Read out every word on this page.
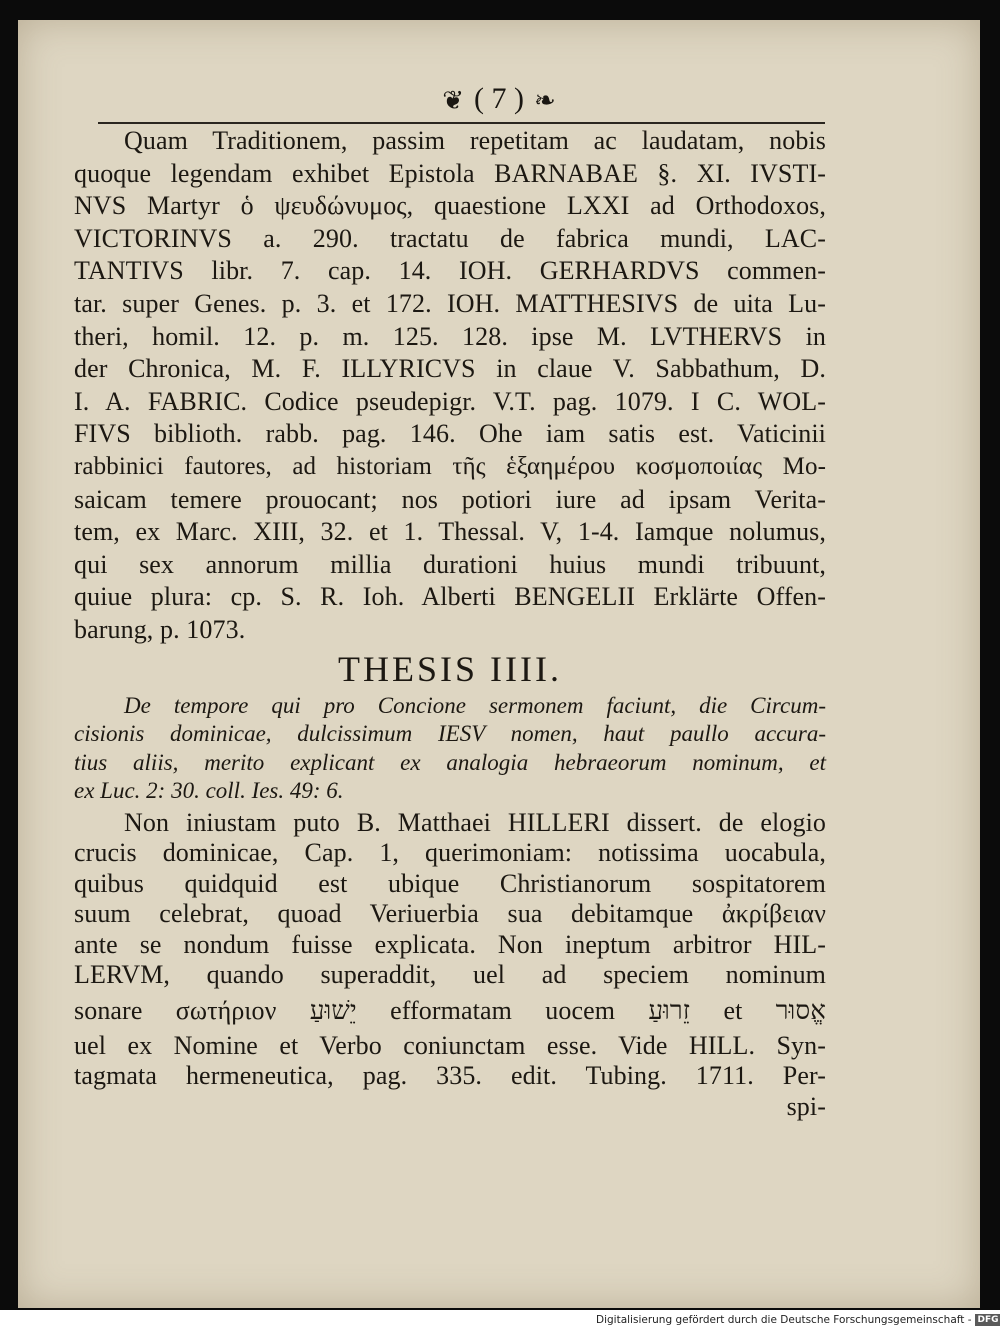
❦ ( 7 ) ❧
Quam Traditionem, passim repetitam ac laudatam, nobis
quoque legendam exhibet Epistola BARNABAE §. XI. IVSTI-
NVS Martyr ὁ ψευδώνυμος, quaestione LXXI ad Orthodoxos,
VICTORINVS a. 290. tractatu de fabrica mundi, LAC-
TANTIVS libr. 7. cap. 14. IOH. GERHARDVS commen-
tar. super Genes. p. 3. et 172. IOH. MATTHESIVS de uita Lu-
theri, homil. 12. p. m. 125. 128. ipse M. LVTHERVS in
der Chronica, M. F. ILLYRICVS in claue V. Sabbathum, D.
I. A. FABRIC. Codice pseudepigr. V.T. pag. 1079. I C. WOL-
FIVS biblioth. rabb. pag. 146. Ohe iam satis est. Vaticinii
rabbinici fautores, ad historiam τῆς ἑξαημέρου κοσμοποιίας Mo-
saicam temere prouocant; nos potiori iure ad ipsam Verita-
tem, ex Marc. XIII, 32. et 1. Thessal. V, 1-4. Iamque nolumus,
qui sex annorum millia durationi huius mundi tribuunt,
quiue plura: cp. S. R. Ioh. Alberti BENGELII Erklärte Offen-
barung, p. 1073.
THESIS IIII.
De tempore qui pro Concione sermonem faciunt, die Circum-
cisionis dominicae, dulcissimum IESV nomen, haut paullo accura-
tius aliis, merito explicant ex analogia hebraeorum nominum, et
ex Luc. 2: 30. coll. Ies. 49: 6.
Non iniustam puto B. Matthaei HILLERI dissert. de elogio
crucis dominicae, Cap. 1, querimoniam: notissima uocabula,
quibus quidquid est ubique Christianorum sospitatorem
suum celebrat, quoad Veriuerbia sua debitamque ἀκρίβειαν
ante se nondum fuisse explicata. Non ineptum arbitror HIL-
LERVM, quando superaddit, uel ad speciem nominum
אֱסוּר et זֵרוּעַ efformatam uocem יֵשׁוּעַ sonare σωτήριον
uel ex Nomine et Verbo coniunctam esse. Vide HILL. Syn-
tagmata hermeneutica, pag. 335. edit. Tubing. 1711. Per-
spi-
Digitalisierung gefördert durch die Deutsche Forschungsgemeinschaft - DFG
